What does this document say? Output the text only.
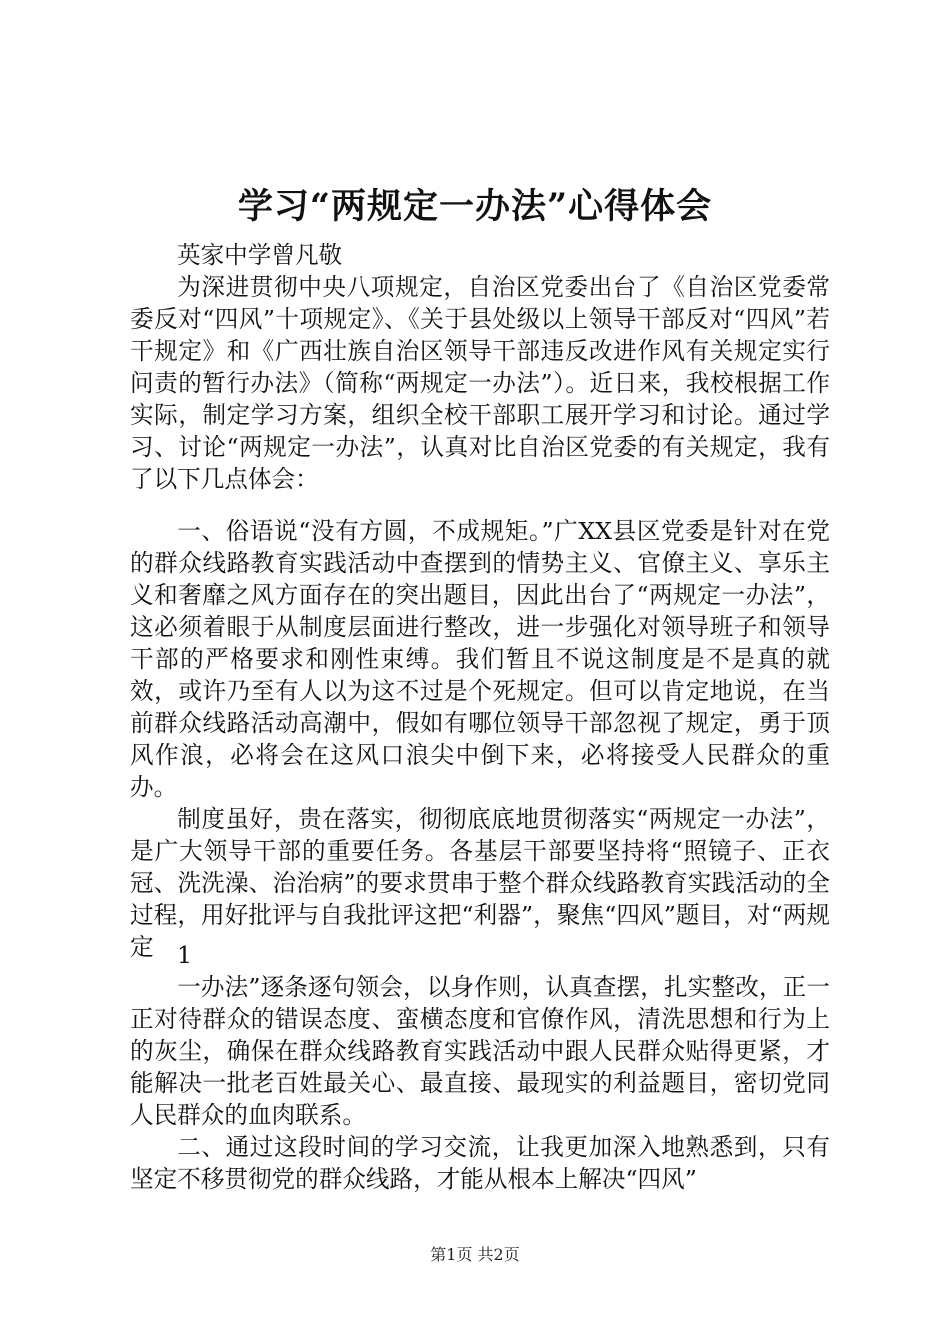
学习“两规定一办法”心得体会
英家中学曾凡敬

为深进贯彻中央八项规定，自治区党委出台了《自治区党委常委反对“四风”十项规定》、《关于县处级以上领导干部反对“四风”若干规定》和《广西壮族自治区领导干部违反改进作风有关规定实行问责的暂行办法》（简称“两规定一办法”）。近日来，我校根据工作实际，制定学习方案，组织全校干部职工展开学习和讨论。通过学习、讨论“两规定一办法”，认真对比自治区党委的有关规定，我有了以下几点体会：

一、俗语说“没有方圆，不成规矩。”广XX县区党委是针对在党的群众线路教育实践活动中查摆到的情势主义、官僚主义、享乐主义和奢靡之风方面存在的突出题目，因此出台了“两规定一办法”，这必须着眼于从制度层面进行整改，进一步强化对领导班子和领导干部的严格要求和刚性束缚。我们暂且不说这制度是不是真的就效，或许乃至有人以为这不过是个死规定。但可以肯定地说，在当前群众线路活动高潮中，假如有哪位领导干部忽视了规定，勇于顶风作浪，必将会在这风口浪尖中倒下来，必将接受人民群众的重办。

制度虽好，贵在落实，彻彻底底地贯彻落实“两规定一办法”，是广大领导干部的重要任务。各基层干部要坚持将“照镜子、正衣冠、洗洗澡、治治病”的要求贯串于整个群众线路教育实践活动的全过程，用好批评与自我批评这把“利器”，聚焦“四风”题目，对“两规定 1

一办法”逐条逐句领会，以身作则，认真查摆，扎实整改，正一正对待群众的错误态度、蛮横态度和官僚作风，清洗思想和行为上的灰尘，确保在群众线路教育实践活动中跟人民群众贴得更紧，才能解决一批老百姓最关心、最直接、最现实的利益题目，密切党同人民群众的血肉联系。

二、通过这段时间的学习交流，让我更加深入地熟悉到，只有坚定不移贯彻党的群众线路，才能从根本上解决“四风”

第1页 共2页
